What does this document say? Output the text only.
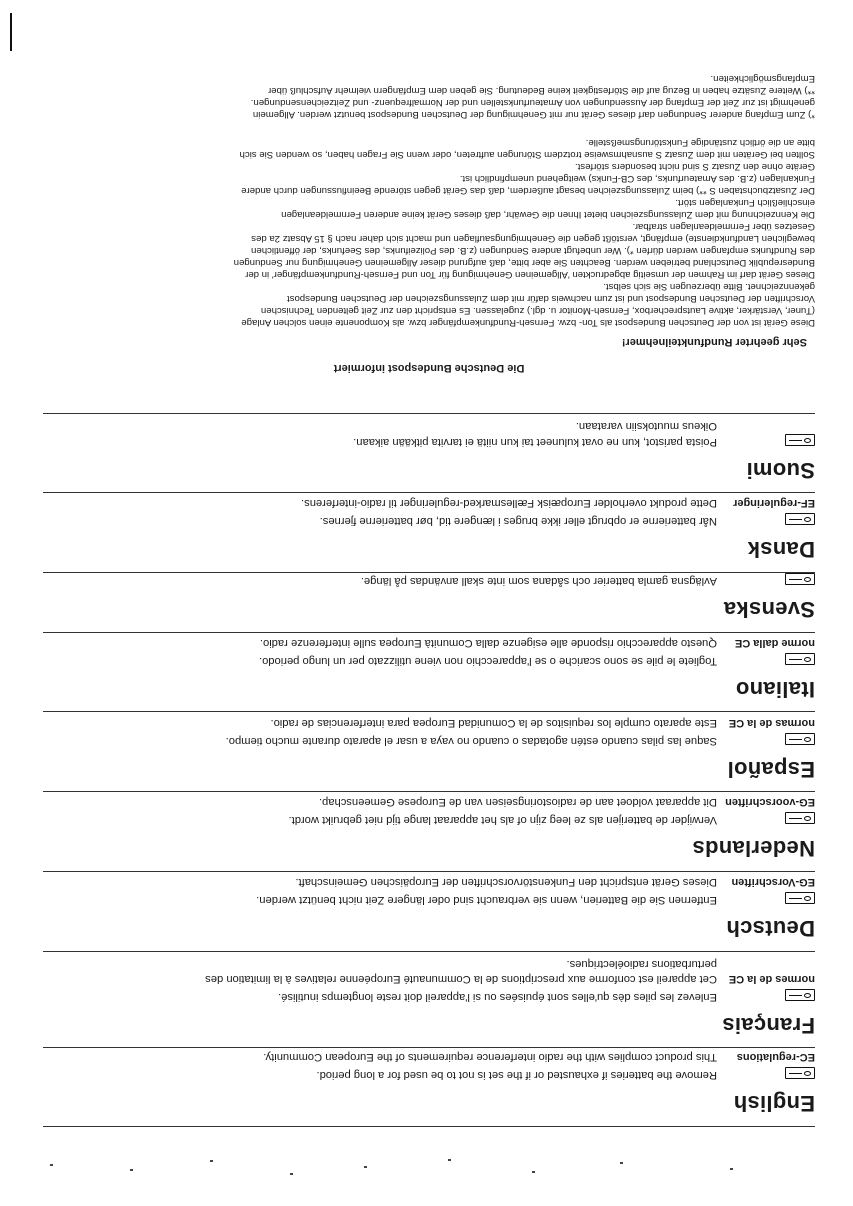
English
Remove the batteries if exhausted or if the set is not to be used for a long period.
EC-regulations
This product complies with the radio interference requirements of the European Community.
Français
Enlevez les piles dès qu'elles sont épuisées ou si l'appareil doit reste longtemps inutilisé.
normes de la CE
Cet appareil est conforme aux prescriptions de la Communauté Européenne relatives à la limitation des
perturbations radioélectriques.
Deutsch
Entfernen Sie die Batterien, wenn sie verbraucht sind oder längere Zeit nicht benützt werden.
EG-Vorschriften
Dieses Gerät entspricht den Funkenstörvorschriften der Europäischen Gemeinschaft.
Nederlands
Verwijder de batterijen als ze leeg zijn of als het apparaat lange tijd niet gebruikt wordt.
EG-voorschriften
Dit apparaat voldoet aan de radiostoringseisen van de Europese Gemeenschap.
Español
Saque las pilas cuando estén agotadas o cuando no vaya a usar el aparato durante mucho tiempo.
normas de la CE
Este aparato cumple los requisitos de la Comunidad Europea para interferencias de radio.
Italiano
Togliete le pile se sono scariche o se l'apparecchio non viene utilizzato per un lungo periodo.
norme dalla CE
Questo apparecchio risponde alle esigenze dalla Comunità Europea sulle interferenze radio.
Svenska
Avlägsna gamla batterier och sådana som inte skall användas på länge.
Dansk
Når batterierne er opbrugt eller ikke bruges i længere tid, bør batterierne fjernes.
EF-reguleringer
Dette produkt overholder Europæisk Fællesmarked-reguleringer til radio-interferens.
Suomi
Poista paristot, kun ne ovat kuluneet tai kun niitä ei tarvita pitkään aikaan.
Oikeus muutoksiin varataan.
Die Deutsche Bundespost informiert
Sehr geehrter Rundfunkteilnehmer!
Diese Gerät ist von der Deutschen Bundespost als Ton- bzw. Fernseh-Rundfunkempfänger bzw. als Komponente einen solchen Anlage
(Tuner, Verstärker, aktive Lautsprecherbox, Fernseh-Monitor u. dgl.) zugelassen. Es entspricht den zur Zeit geltenden Technischen
Vorschriften der Deutschen Bundespost und ist zum nachweis dafür mit dem Zulassungszeichen der Deutschen Bundespost
gekennzeichnet. Bitte überzeugen Sie sich selbst.
Dieses Gerät darf im Rahmen der umseitig abgedruckten 'Allgemeinen Genehmigung für Ton und Fernseh-Rundfunkempfänger' in der
Bundesrepublik Deutschland betrieben werden. Beachten Sie aber bitte, daß aufgrund dieser Allgemeinen Genehmigung nur Sendungen
des Rundfunks empfangen werden dürfen *). Wer unbefugt andere Sendungen (z.B. des Polizeifunks, des Seefunks, der öffentlichen
beweglichen Landfunkdienste) empfängt, verstößt gegen die Genehmigungsauflagen und macht sich daher nach § 15 Absatz 2a des
Gesetzes über Fernmeldeanlagen strafbar.
Die Kennzeichnung mit dem Zulassungszeichen bietet Ihnen die Gewähr, daß dieses Gerät keine anderen Fernmeldeanlagen
einschließlich Funkanlagen stört.
Der Zusatzbuchstaben S **) beim Zulassungszeichen besagt außerdem, daß das Gerät gegen störende Beeinflussungen durch andere
Funkanlagen (z.B. des Amateurfunks, des CB-Funks) weitgehend unempfindlich ist.
Geräte ohne den Zusatz S sind nicht besonders störfest.
Sollten bei Geräten mit dem Zusatz S ausnahmsweise trotzdem Störungen auftreten, oder wenn Sie Fragen haben, so wenden Sie sich
bitte an die örtlich zuständige Funkstörungsmeßstelle.
*) Zum Empfang anderer Sendungen darf dieses Gerät nur mit Genehmigung der Deutschen Bundespost benutzt werden. Allgemein
genehmigt ist zur Zeit der Empfang der Aussendungen von Amateurfunkstellen und der Normalfrequenz- und Zeitzeichensendungen.
**) Weitere Zusätze haben in Bezug auf die Störfestigkeit keine Bedeutung. Sie geben dem Empfängern vielmehr Aufschluß über
Empfangsmöglichkeiten.
